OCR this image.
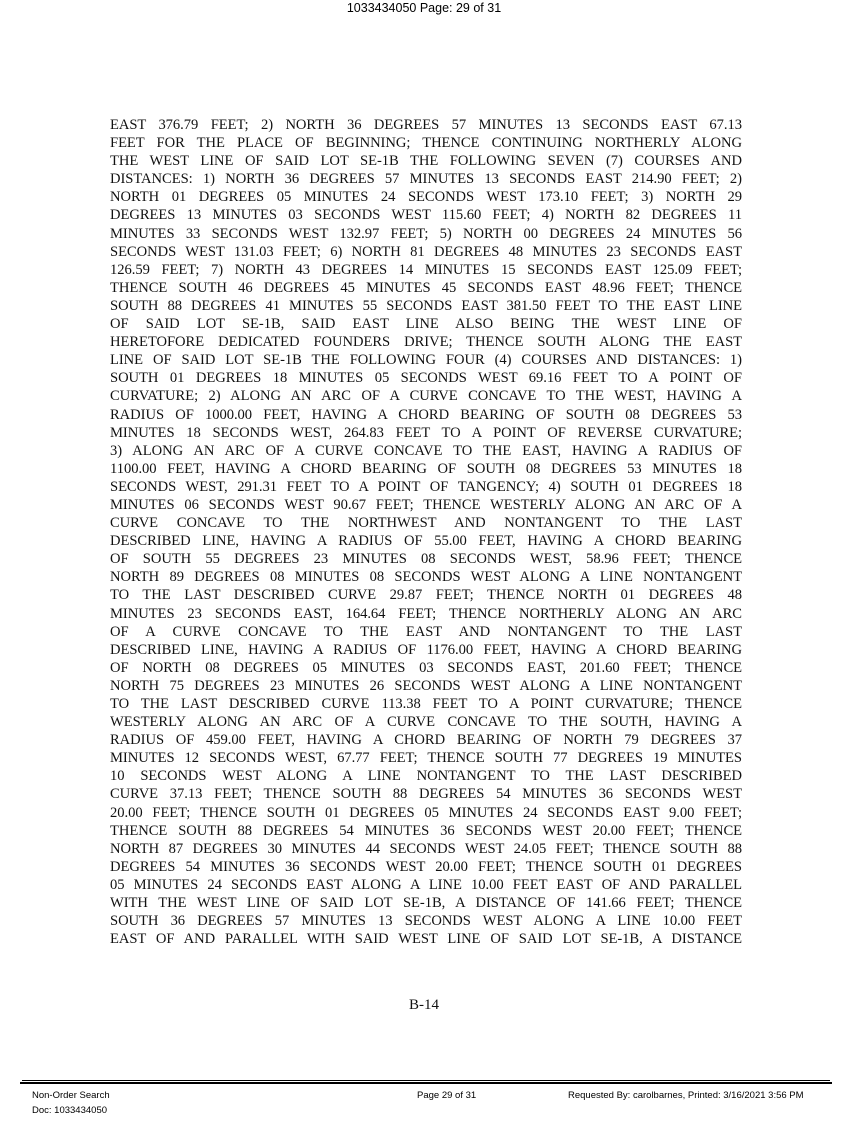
1033434050 Page: 29 of 31
EAST 376.79 FEET; 2) NORTH 36 DEGREES 57 MINUTES 13 SECONDS EAST 67.13
FEET FOR THE PLACE OF BEGINNING; THENCE CONTINUING NORTHERLY ALONG
THE WEST LINE OF SAID LOT SE-1B THE FOLLOWING SEVEN (7) COURSES AND
DISTANCES: 1) NORTH 36 DEGREES 57 MINUTES 13 SECONDS EAST 214.90 FEET; 2)
NORTH 01 DEGREES 05 MINUTES 24 SECONDS WEST 173.10 FEET; 3) NORTH 29
DEGREES 13 MINUTES 03 SECONDS WEST 115.60 FEET; 4) NORTH 82 DEGREES 11
MINUTES 33 SECONDS WEST 132.97 FEET; 5) NORTH 00 DEGREES 24 MINUTES 56
SECONDS WEST 131.03 FEET; 6) NORTH 81 DEGREES 48 MINUTES 23 SECONDS EAST
126.59 FEET; 7) NORTH 43 DEGREES 14 MINUTES 15 SECONDS EAST 125.09 FEET;
THENCE SOUTH 46 DEGREES 45 MINUTES 45 SECONDS EAST 48.96 FEET; THENCE
SOUTH 88 DEGREES 41 MINUTES 55 SECONDS EAST 381.50 FEET TO THE EAST LINE
OF SAID LOT SE-1B, SAID EAST LINE ALSO BEING THE WEST LINE OF
HERETOFORE DEDICATED FOUNDERS DRIVE; THENCE SOUTH ALONG THE EAST
LINE OF SAID LOT SE-1B THE FOLLOWING FOUR (4) COURSES AND DISTANCES: 1)
SOUTH 01 DEGREES 18 MINUTES 05 SECONDS WEST 69.16 FEET TO A POINT OF
CURVATURE; 2) ALONG AN ARC OF A CURVE CONCAVE TO THE WEST, HAVING A
RADIUS OF 1000.00 FEET, HAVING A CHORD BEARING OF SOUTH 08 DEGREES 53
MINUTES 18 SECONDS WEST, 264.83 FEET TO A POINT OF REVERSE CURVATURE;
3) ALONG AN ARC OF A CURVE CONCAVE TO THE EAST, HAVING A RADIUS OF
1100.00 FEET, HAVING A CHORD BEARING OF SOUTH 08 DEGREES 53 MINUTES 18
SECONDS WEST, 291.31 FEET TO A POINT OF TANGENCY; 4) SOUTH 01 DEGREES 18
MINUTES 06 SECONDS WEST 90.67 FEET; THENCE WESTERLY ALONG AN ARC OF A
CURVE CONCAVE TO THE NORTHWEST AND NONTANGENT TO THE LAST
DESCRIBED LINE, HAVING A RADIUS OF 55.00 FEET, HAVING A CHORD BEARING
OF SOUTH 55 DEGREES 23 MINUTES 08 SECONDS WEST, 58.96 FEET; THENCE
NORTH 89 DEGREES 08 MINUTES 08 SECONDS WEST ALONG A LINE NONTANGENT
TO THE LAST DESCRIBED CURVE 29.87 FEET; THENCE NORTH 01 DEGREES 48
MINUTES 23 SECONDS EAST, 164.64 FEET; THENCE NORTHERLY ALONG AN ARC
OF A CURVE CONCAVE TO THE EAST AND NONTANGENT TO THE LAST
DESCRIBED LINE, HAVING A RADIUS OF 1176.00 FEET, HAVING A CHORD BEARING
OF NORTH 08 DEGREES 05 MINUTES 03 SECONDS EAST, 201.60 FEET; THENCE
NORTH 75 DEGREES 23 MINUTES 26 SECONDS WEST ALONG A LINE NONTANGENT
TO THE LAST DESCRIBED CURVE 113.38 FEET TO A POINT CURVATURE; THENCE
WESTERLY ALONG AN ARC OF A CURVE CONCAVE TO THE SOUTH, HAVING A
RADIUS OF 459.00 FEET, HAVING A CHORD BEARING OF NORTH 79 DEGREES 37
MINUTES 12 SECONDS WEST, 67.77 FEET; THENCE SOUTH 77 DEGREES 19 MINUTES
10 SECONDS WEST ALONG A LINE NONTANGENT TO THE LAST DESCRIBED
CURVE 37.13 FEET; THENCE SOUTH 88 DEGREES 54 MINUTES 36 SECONDS WEST
20.00 FEET; THENCE SOUTH 01 DEGREES 05 MINUTES 24 SECONDS EAST 9.00 FEET;
THENCE SOUTH 88 DEGREES 54 MINUTES 36 SECONDS WEST 20.00 FEET; THENCE
NORTH 87 DEGREES 30 MINUTES 44 SECONDS WEST 24.05 FEET; THENCE SOUTH 88
DEGREES 54 MINUTES 36 SECONDS WEST 20.00 FEET; THENCE SOUTH 01 DEGREES
05 MINUTES 24 SECONDS EAST ALONG A LINE 10.00 FEET EAST OF AND PARALLEL
WITH THE WEST LINE OF SAID LOT SE-1B, A DISTANCE OF 141.66 FEET; THENCE
SOUTH 36 DEGREES 57 MINUTES 13 SECONDS WEST ALONG A LINE 10.00 FEET
EAST OF AND PARALLEL WITH SAID WEST LINE OF SAID LOT SE-1B, A DISTANCE
B-14
Non-Order Search
Doc: 1033434050
Page 29 of 31	Requested By: carolbarnes, Printed: 3/16/2021 3:56 PM
